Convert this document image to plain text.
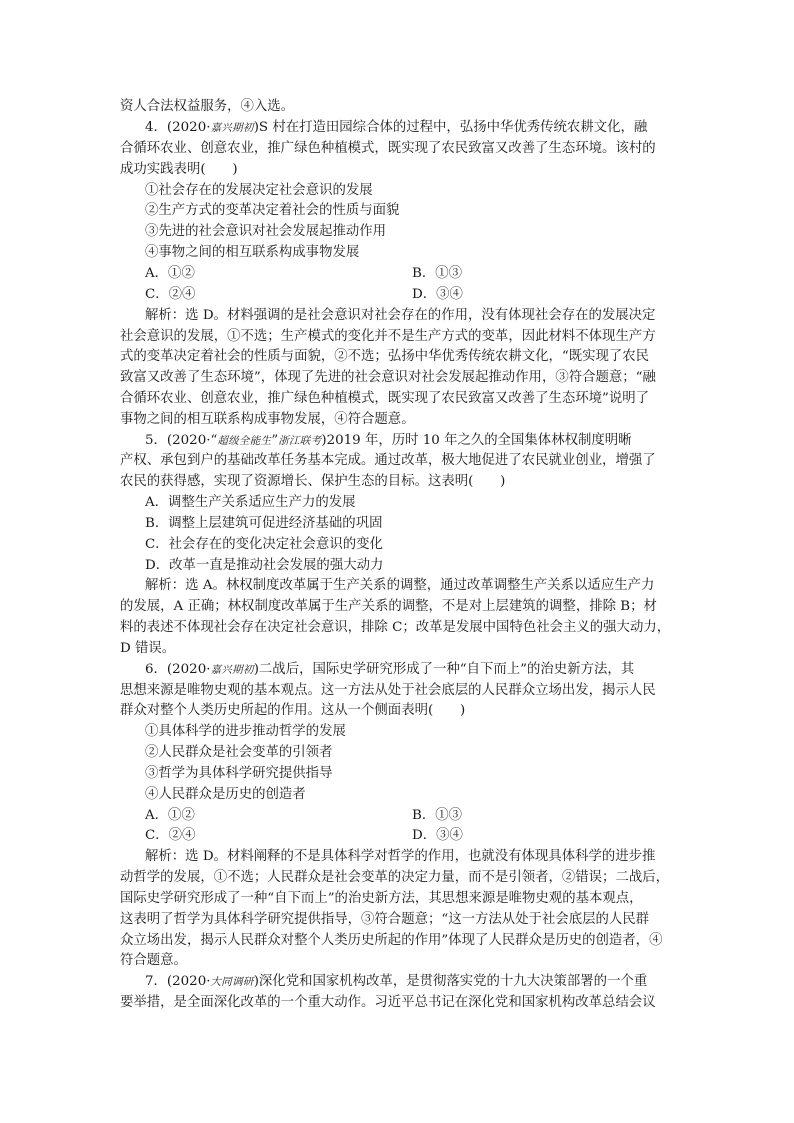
资人合法权益服务，④入选。
4．(2020·嘉兴期初)S 村在打造田园综合体的过程中，弘扬中华优秀传统农耕文化，融
合循环农业、创意农业，推广绿色种植模式，既实现了农民致富又改善了生态环境。该村的
成功实践表明(　　)
①社会存在的发展决定社会意识的发展
②生产方式的变革决定着社会的性质与面貌
③先进的社会意识对社会发展起推动作用
④事物之间的相互联系构成事物发展
A．①②	B．①③
C．②④	D．③④
解析：选 D。材料强调的是社会意识对社会存在的作用，没有体现社会存在的发展决定
社会意识的发展，①不选；生产模式的变化并不是生产方式的变革，因此材料不体现生产方
式的变革决定着社会的性质与面貌，②不选；弘扬中华优秀传统农耕文化，“既实现了农民
致富又改善了生态环境”，体现了先进的社会意识对社会发展起推动作用，③符合题意；“融
合循环农业、创意农业，推广绿色种植模式，既实现了农民致富又改善了生态环境”说明了
事物之间的相互联系构成事物发展，④符合题意。
5．(2020·“超级全能生”浙江联考)2019 年，历时 10 年之久的全国集体林权制度明晰
产权、承包到户的基础改革任务基本完成。通过改革，极大地促进了农民就业创业，增强了
农民的获得感，实现了资源增长、保护生态的目标。这表明(　　)
A．调整生产关系适应生产力的发展
B．调整上层建筑可促进经济基础的巩固
C．社会存在的变化决定社会意识的变化
D．改革一直是推动社会发展的强大动力
解析：选 A。林权制度改革属于生产关系的调整，通过改革调整生产关系以适应生产力
的发展，A 正确；林权制度改革属于生产关系的调整，不是对上层建筑的调整，排除 B；材
料的表述不体现社会存在决定社会意识，排除 C；改革是发展中国特色社会主义的强大动力，
D 错误。
6．(2020·嘉兴期初)二战后，国际史学研究形成了一种“自下而上”的治史新方法，其
思想来源是唯物史观的基本观点。这一方法从处于社会底层的人民群众立场出发，揭示人民
群众对整个人类历史所起的作用。这从一个侧面表明(　　)
①具体科学的进步推动哲学的发展
②人民群众是社会变革的引领者
③哲学为具体科学研究提供指导
④人民群众是历史的创造者
A．①②	B．①③
C．②④	D．③④
解析：选 D。材料阐释的不是具体科学对哲学的作用，也就没有体现具体科学的进步推
动哲学的发展，①不选；人民群众是社会变革的决定力量，而不是引领者，②错误；二战后，
国际史学研究形成了一种“自下而上”的治史新方法，其思想来源是唯物史观的基本观点，
这表明了哲学为具体科学研究提供指导，③符合题意；“这一方法从处于社会底层的人民群
众立场出发，揭示人民群众对整个人类历史所起的作用”体现了人民群众是历史的创造者，④
符合题意。
7．(2020·大同调研)深化党和国家机构改革，是贯彻落实党的十九大决策部署的一个重
要举措，是全面深化改革的一个重大动作。习近平总书记在深化党和国家机构改革总结会议
